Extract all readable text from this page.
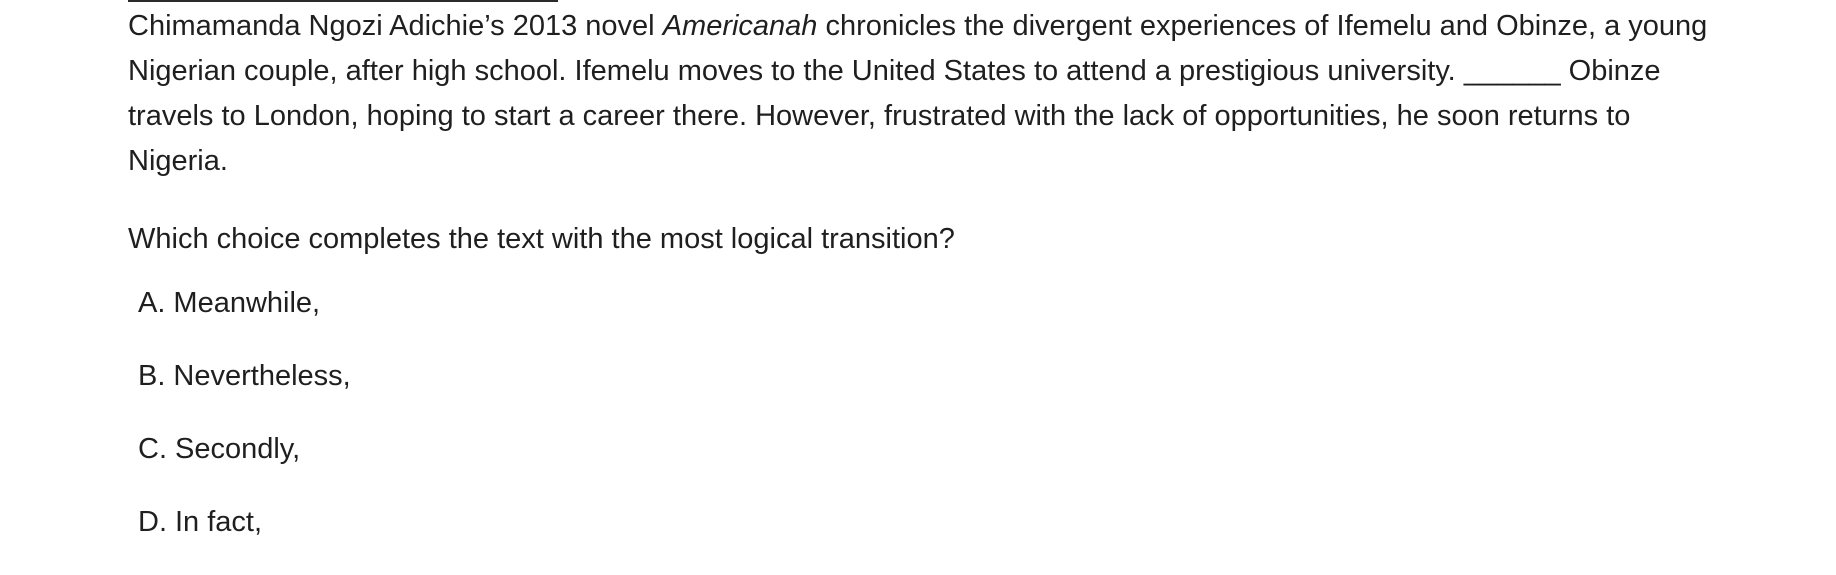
Chimamanda Ngozi Adichie’s 2013 novel Americanah chronicles the divergent experiences of Ifemelu and Obinze, a young Nigerian couple, after high school. Ifemelu moves to the United States to attend a prestigious university. ______ Obinze travels to London, hoping to start a career there. However, frustrated with the lack of opportunities, he soon returns to Nigeria.

Which choice completes the text with the most logical transition?

A. Meanwhile,
B. Nevertheless,
C. Secondly,
D. In fact,
